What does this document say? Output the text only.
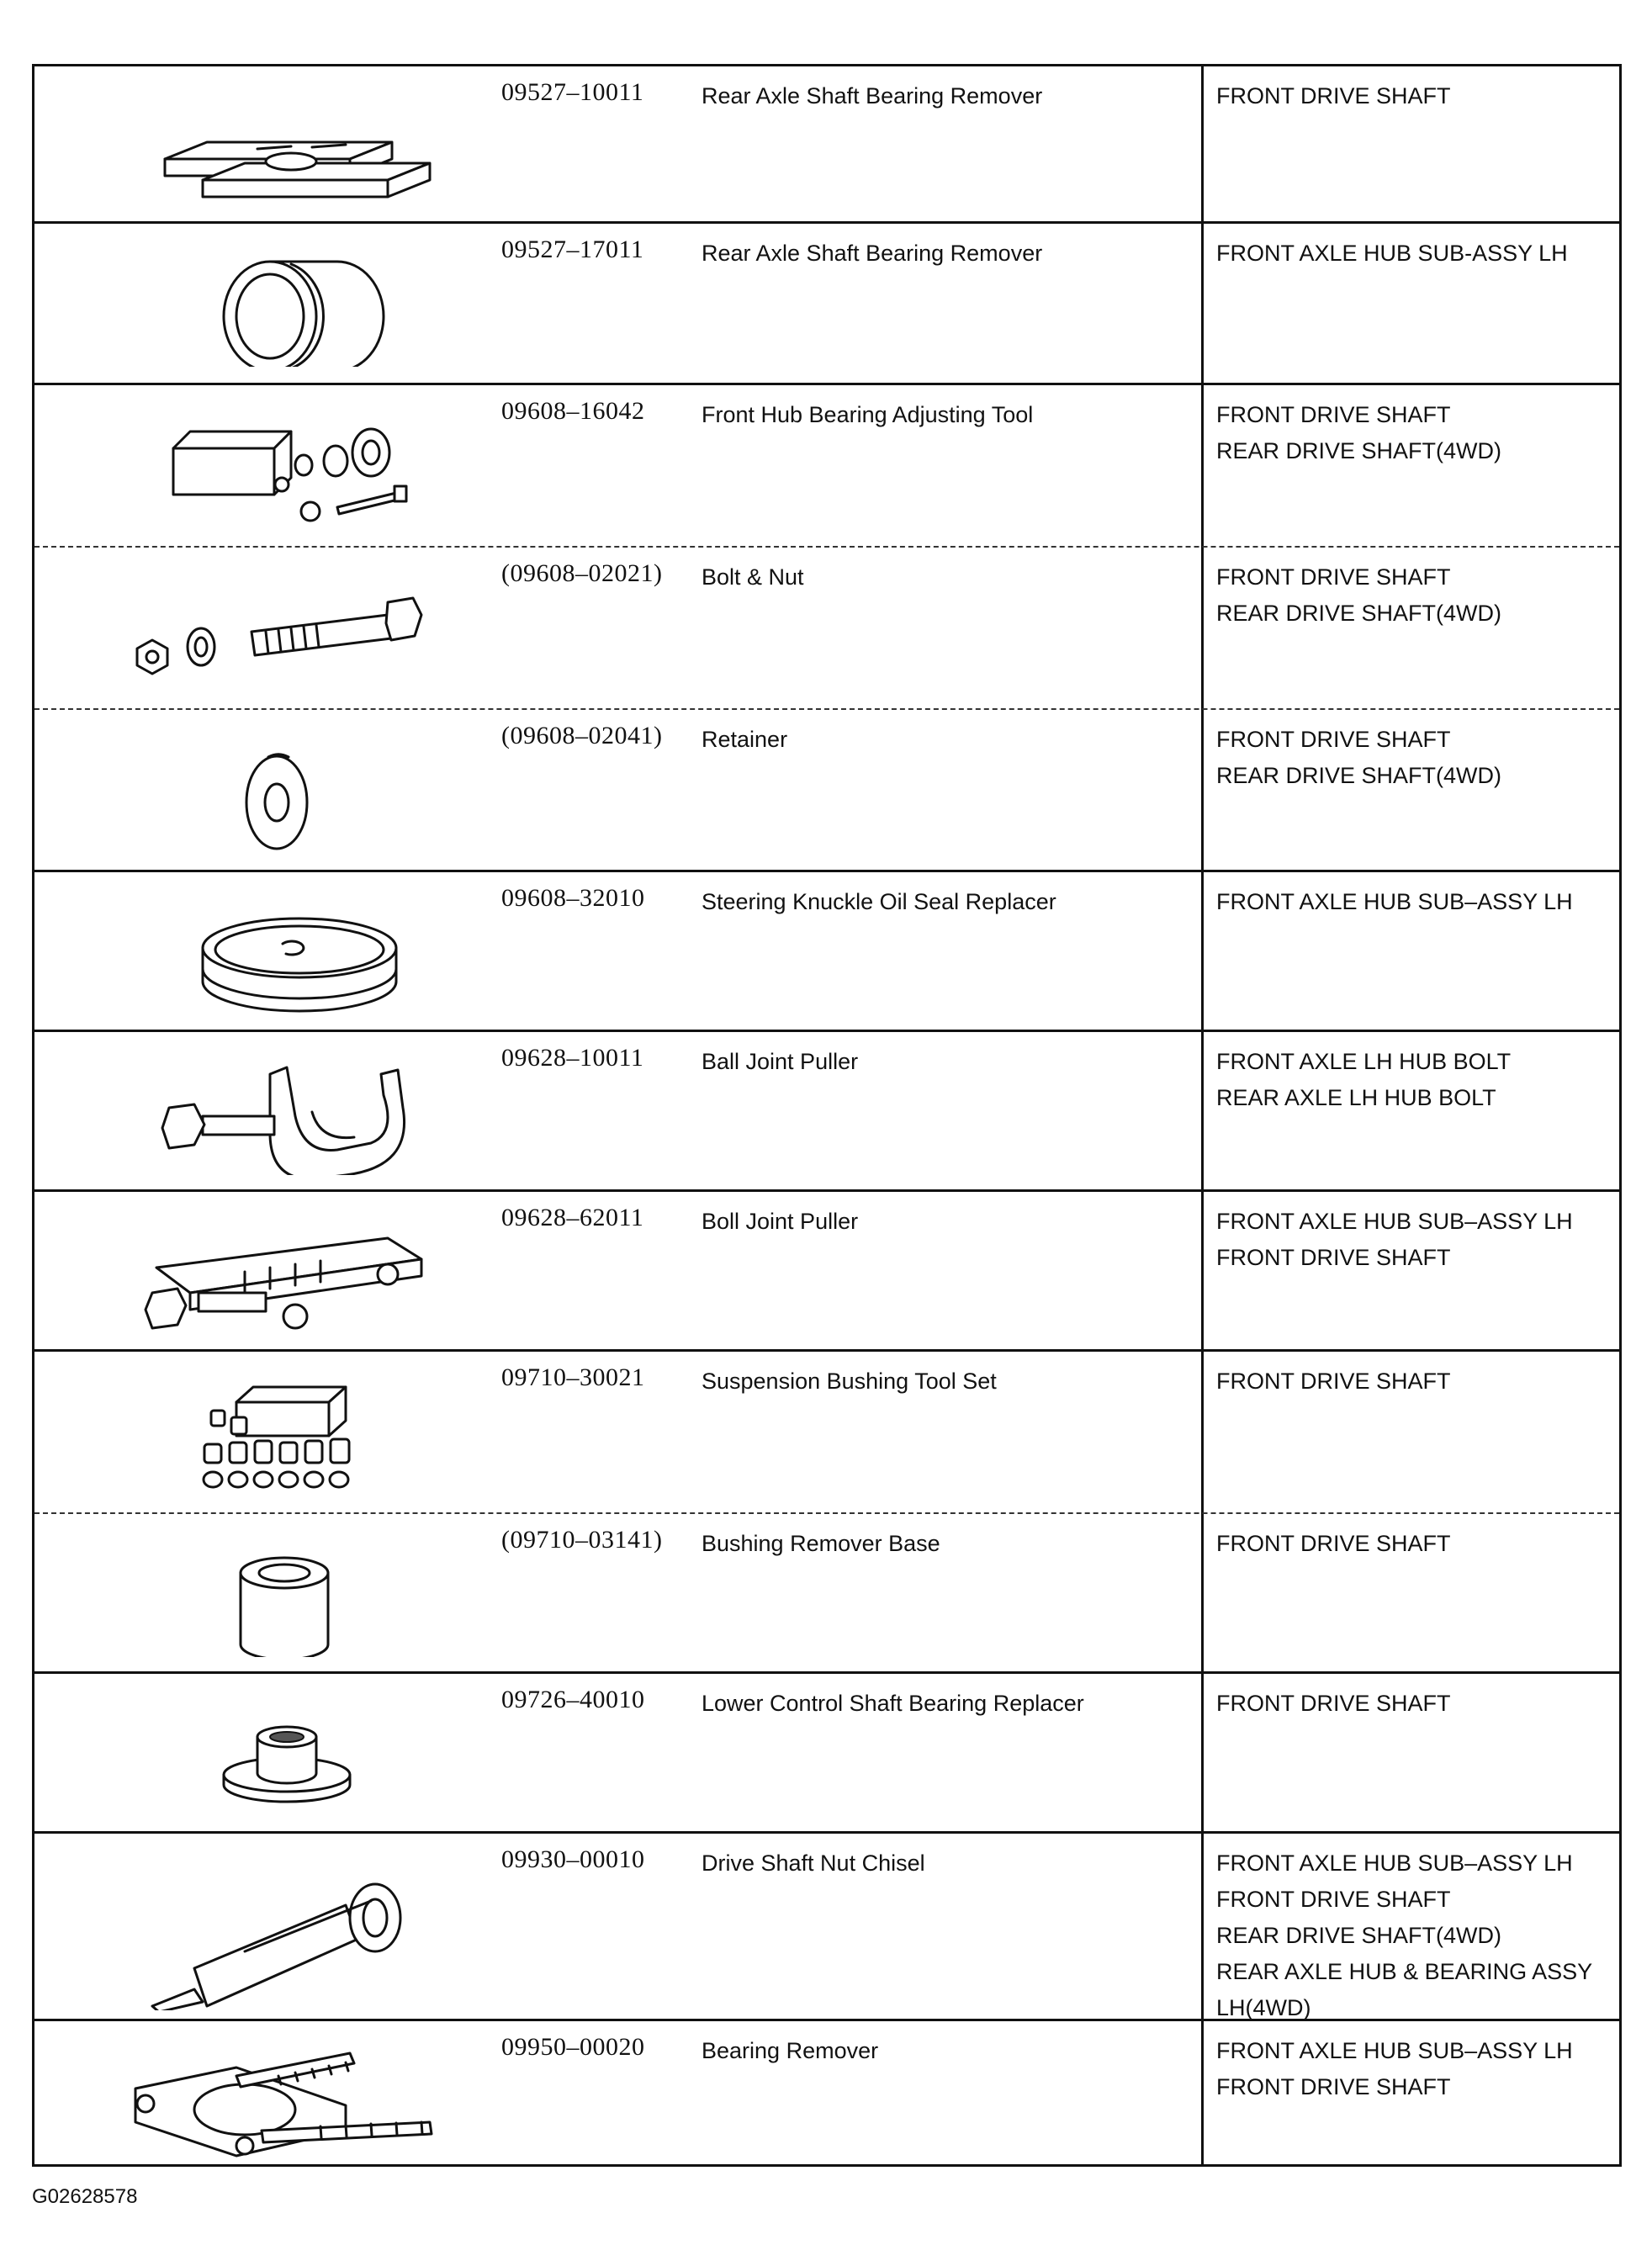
09527–10011	Rear Axle Shaft Bearing Remover	FRONT DRIVE SHAFT
09527–17011	Rear Axle Shaft Bearing Remover	FRONT AXLE HUB SUB-ASSY LH
09608–16042	Front Hub Bearing Adjusting Tool	FRONT DRIVE SHAFT
REAR DRIVE SHAFT(4WD)
(09608–02021) Bolt & Nut	FRONT DRIVE SHAFT
REAR DRIVE SHAFT(4WD)
(09608–02041) Retainer	FRONT DRIVE SHAFT
REAR DRIVE SHAFT(4WD)
09608–32010	Steering Knuckle Oil Seal Replacer	FRONT AXLE HUB SUB–ASSY LH
09628–10011	Ball Joint Puller	FRONT AXLE LH HUB BOLT
REAR AXLE LH HUB BOLT
09628–62011	Boll Joint Puller	FRONT AXLE HUB SUB–ASSY LH
FRONT DRIVE SHAFT
09710–30021	Suspension Bushing Tool Set	FRONT DRIVE SHAFT
(09710–03141) Bushing Remover Base	FRONT DRIVE SHAFT
09726–40010	Lower Control Shaft Bearing Replacer	FRONT DRIVE SHAFT
09930–00010	Drive Shaft Nut Chisel	FRONT AXLE HUB SUB–ASSY LH
FRONT DRIVE SHAFT
REAR DRIVE SHAFT(4WD)
REAR AXLE HUB & BEARING ASSY
LH(4WD)
09950–00020	Bearing Remover	FRONT AXLE HUB SUB–ASSY LH
FRONT DRIVE SHAFT
G02628578
